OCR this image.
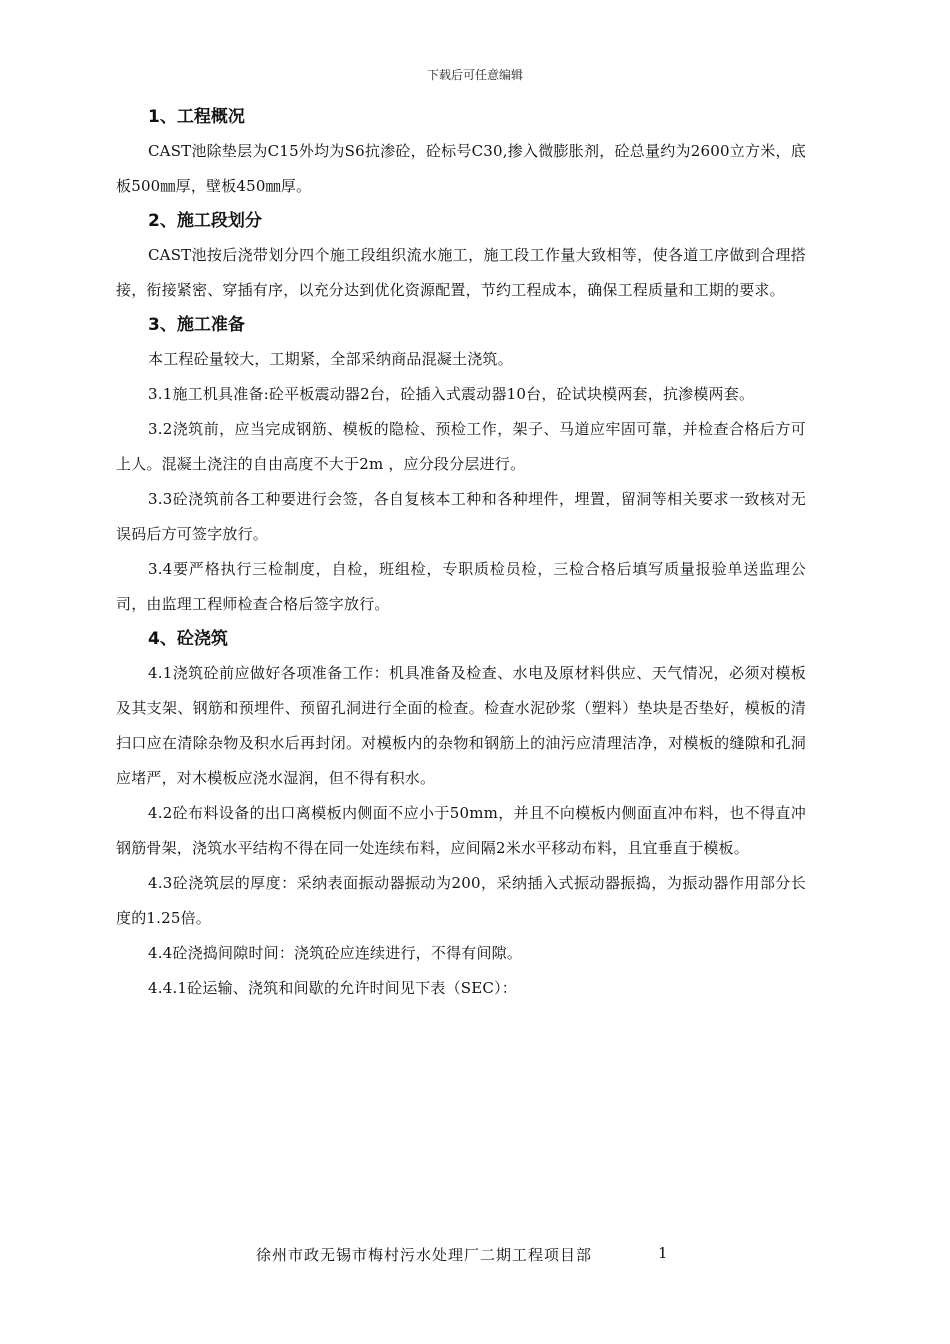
下载后可任意编辑
1、工程概况

CAST池除垫层为C15外均为S6抗渗砼，砼标号C30,掺入微膨胀剂，砼总量约为2600立方米，底板500㎜厚，壁板450㎜厚。

2、施工段划分

CAST池按后浇带划分四个施工段组织流水施工，施工段工作量大致相等，使各道工序做到合理搭接，衔接紧密、穿插有序，以充分达到优化资源配置，节约工程成本，确保工程质量和工期的要求。

3、施工准备

本工程砼量较大，工期紧，全部采纳商品混凝土浇筑。

3.1施工机具准备:砼平板震动器2台，砼插入式震动器10台，砼试块模两套，抗渗模两套。

3.2浇筑前，应当完成钢筋、模板的隐检、预检工作，架子、马道应牢固可靠，并检查合格后方可上人。混凝土浇注的自由高度不大于2m ，应分段分层进行。

3.3砼浇筑前各工种要进行会签，各自复核本工种和各种埋件，埋置，留洞等相关要求一致核对无误码后方可签字放行。

3.4要严格执行三检制度，自检，班组检，专职质检员检，三检合格后填写质量报验单送监理公司，由监理工程师检查合格后签字放行。

4、砼浇筑

4.1浇筑砼前应做好各项准备工作：机具准备及检查、水电及原材料供应、天气情况，必须对模板及其支架、钢筋和预埋件、预留孔洞进行全面的检查。检查水泥砂浆（塑料）垫块是否垫好，模板的清扫口应在清除杂物及积水后再封闭。对模板内的杂物和钢筋上的油污应清理洁净，对模板的缝隙和孔洞应堵严，对木模板应浇水湿润，但不得有积水。

4.2砼布料设备的出口离模板内侧面不应小于50mm，并且不向模板内侧面直冲布料，也不得直冲钢筋骨架，浇筑水平结构不得在同一处连续布料，应间隔2米水平移动布料，且宜垂直于模板。

4.3砼浇筑层的厚度：采纳表面振动器振动为200，采纳插入式振动器振捣，为振动器作用部分长度的1.25倍。

4.4砼浇捣间隙时间：浇筑砼应连续进行，不得有间隙。

4.4.1砼运输、浇筑和间歇的允许时间见下表（SEC）：

徐州市政无锡市梅村污水处理厂二期工程项目部	1
